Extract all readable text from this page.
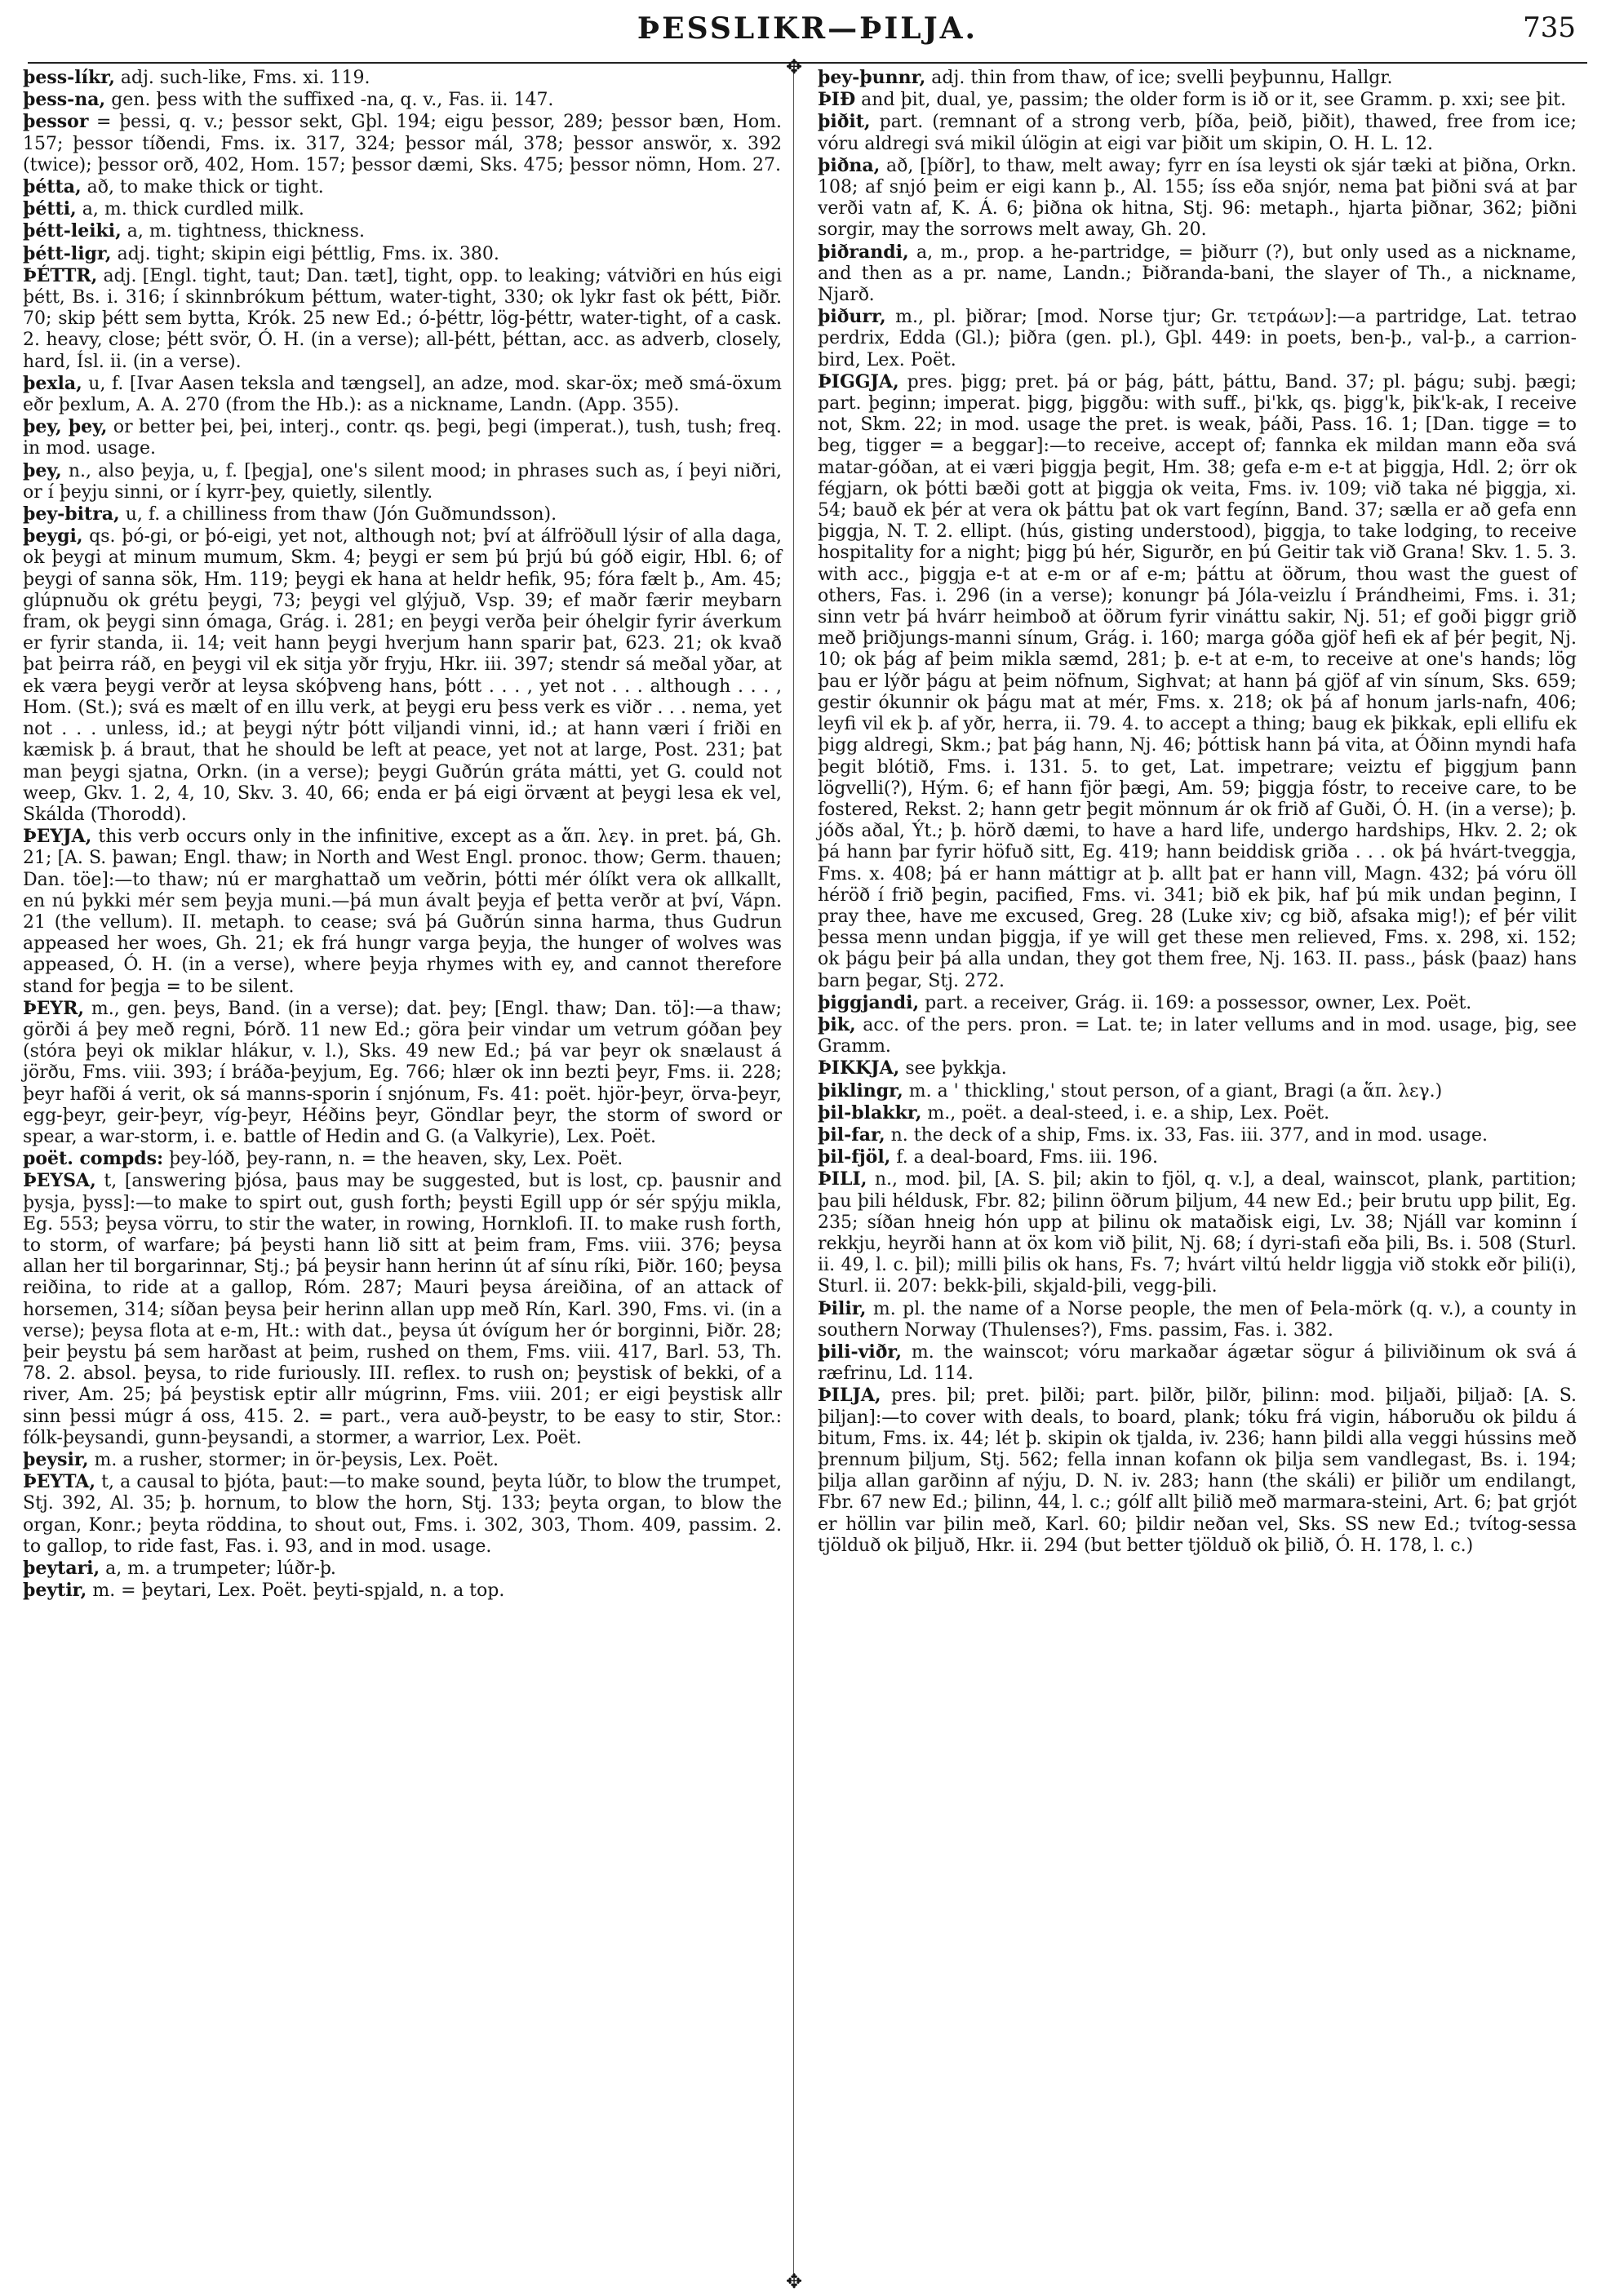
ÞESSLIKR—ÞILJA.	735
✥
✥
þess-líkr, adj. such-like, Fms. xi. 119.
þess-na, gen. þess with the suffixed -na, q. v., Fas. ii. 147.
þessor = þessi, q. v.; þessor sekt, Gþl. 194; eigu þessor, 289; þessor bæn, Hom. 157; þessor tíðendi, Fms. ix. 317, 324; þessor mál, 378; þessor answör, x. 392 (twice); þessor orð, 402, Hom. 157; þessor dæmi, Sks. 475; þessor nömn, Hom. 27.
þétta, að, to make thick or tight.
þétti, a, m. thick curdled milk.
þétt-leiki, a, m. tightness, thickness.
þétt-ligr, adj. tight; skipin eigi þéttlig, Fms. ix. 380.
ÞÉTTR, adj. [Engl. tight, taut; Dan. tæt], tight, opp. to leaking; vátviðri en hús eigi þétt, Bs. i. 316; í skinnbrókum þéttum, water-tight, 330; ok lykr fast ok þétt, Þiðr. 70; skip þétt sem bytta, Krók. 25 new Ed.; ó-þéttr, lög-þéttr, water-tight, of a cask. 2. heavy, close; þétt svör, Ó. H. (in a verse); all-þétt, þéttan, acc. as adverb, closely, hard, Ísl. ii. (in a verse).
þexla, u, f. [Ivar Aasen teksla and tængsel], an adze, mod. skar-öx; með smá-öxum eðr þexlum, A. A. 270 (from the Hb.): as a nickname, Landn. (App. 355).
þey, þey, or better þei, þei, interj., contr. qs. þegi, þegi (imperat.), tush, tush; freq. in mod. usage.
þey, n., also þeyja, u, f. [þegja], one's silent mood; in phrases such as, í þeyi niðri, or í þeyju sinni, or í kyrr-þey, quietly, silently.
þey-bitra, u, f. a chilliness from thaw (Jón Guðmundsson).
þeygi, qs. þó-gi, or þó-eigi, yet not, although not; því at álfröðull lýsir of alla daga, ok þeygi at minum mumum, Skm. 4; þeygi er sem þú þrjú bú góð eigir, Hbl. 6; of þeygi of sanna sök, Hm. 119; þeygi ek hana at heldr hefik, 95; fóra fælt þ., Am. 45; glúpnuðu ok grétu þeygi, 73; þeygi vel glýjuð, Vsp. 39; ef maðr færir meybarn fram, ok þeygi sinn ómaga, Grág. i. 281; en þeygi verða þeir óhelgir fyrir áverkum er fyrir standa, ii. 14; veit hann þeygi hverjum hann sparir þat, 623. 21; ok kvað þat þeirra ráð, en þeygi vil ek sitja yðr fryju, Hkr. iii. 397; stendr sá meðal yðar, at ek væra þeygi verðr at leysa skóþveng hans, þótt . . . , yet not . . . although . . . , Hom. (St.); svá es mælt of en illu verk, at þeygi eru þess verk es viðr . . . nema, yet not . . . unless, id.; at þeygi nýtr þótt viljandi vinni, id.; at hann væri í friði en kæmisk þ. á braut, that he should be left at peace, yet not at large, Post. 231; þat man þeygi sjatna, Orkn. (in a verse); þeygi Guðrún gráta mátti, yet G. could not weep, Gkv. 1. 2, 4, 10, Skv. 3. 40, 66; enda er þá eigi örvænt at þeygi lesa ek vel, Skálda (Thorodd).
ÞEYJA, this verb occurs only in the infinitive, except as a ἅπ. λεγ. in pret. þá, Gh. 21; [A. S. þawan; Engl. thaw; in North and West Engl. pronoc. thow; Germ. thauen; Dan. töe]:—to thaw; nú er marghattað um veðrin, þótti mér ólíkt vera ok allkallt, en nú þykki mér sem þeyja muni.—þá mun ávalt þeyja ef þetta verðr at því, Vápn. 21 (the vellum). II. metaph. to cease; svá þá Guðrún sinna harma, thus Gudrun appeased her woes, Gh. 21; ek frá hungr varga þeyja, the hunger of wolves was appeased, Ó. H. (in a verse), where þeyja rhymes with ey, and cannot therefore stand for þegja = to be silent.
ÞEYR, m., gen. þeys, Band. (in a verse); dat. þey; [Engl. thaw; Dan. tö]:—a thaw; görði á þey með regni, Þórð. 11 new Ed.; göra þeir vindar um vetrum góðan þey (stóra þeyi ok miklar hlákur, v. l.), Sks. 49 new Ed.; þá var þeyr ok snælaust á jörðu, Fms. viii. 393; í bráða-þeyjum, Eg. 766; hlær ok inn bezti þeyr, Fms. ii. 228; þeyr hafði á verit, ok sá manns-sporin í snjónum, Fs. 41: poët. hjör-þeyr, örva-þeyr, egg-þeyr, geir-þeyr, víg-þeyr, Héðins þeyr, Göndlar þeyr, the storm of sword or spear, a war-storm, i. e. battle of Hedin and G. (a Valkyrie), Lex. Poët.
poët. compds: þey-lóð, þey-rann, n. = the heaven, sky, Lex. Poët.
ÞEYSA, t, [answering þjósa, þaus may be suggested, but is lost, cp. þausnir and þysja, þyss]:—to make to spirt out, gush forth; þeysti Egill upp ór sér spýju mikla, Eg. 553; þeysa vörru, to stir the water, in rowing, Hornklofi. II. to make rush forth, to storm, of warfare; þá þeysti hann lið sitt at þeim fram, Fms. viii. 376; þeysa allan her til borgarinnar, Stj.; þá þeysir hann herinn út af sínu ríki, Þiðr. 160; þeysa reiðina, to ride at a gallop, Róm. 287; Mauri þeysa áreiðina, of an attack of horsemen, 314; síðan þeysa þeir herinn allan upp með Rín, Karl. 390, Fms. vi. (in a verse); þeysa flota at e-m, Ht.: with dat., þeysa út óvígum her ór borginni, Þiðr. 28; þeir þeystu þá sem harðast at þeim, rushed on them, Fms. viii. 417, Barl. 53, Th. 78. 2. absol. þeysa, to ride furiously. III. reflex. to rush on; þeystisk of bekki, of a river, Am. 25; þá þeystisk eptir allr múgrinn, Fms. viii. 201; er eigi þeystisk allr sinn þessi múgr á oss, 415. 2. = part., vera auð-þeystr, to be easy to stir, Stor.: fólk-þeysandi, gunn-þeysandi, a stormer, a warrior, Lex. Poët.
þeysir, m. a rusher, stormer; in ör-þeysis, Lex. Poët.
ÞEYTA, t, a causal to þjóta, þaut:—to make sound, þeyta lúðr, to blow the trumpet, Stj. 392, Al. 35; þ. hornum, to blow the horn, Stj. 133; þeyta organ, to blow the organ, Konr.; þeyta röddina, to shout out, Fms. i. 302, 303, Thom. 409, passim. 2. to gallop, to ride fast, Fas. i. 93, and in mod. usage.
þeytari, a, m. a trumpeter; lúðr-þ.
þeytir, m. = þeytari, Lex. Poët. þeyti-spjald, n. a top.
þey-þunnr, adj. thin from thaw, of ice; svelli þeyþunnu, Hallgr.
ÞIÐ and þit, dual, ye, passim; the older form is ið or it, see Gramm. p. xxi; see þit.
þiðit, part. (remnant of a strong verb, þíða, þeið, þiðit), thawed, free from ice; vóru aldregi svá mikil úlögin at eigi var þiðit um skipin, O. H. L. 12.
þiðna, að, [þíðr], to thaw, melt away; fyrr en ísa leysti ok sjár tæki at þiðna, Orkn. 108; af snjó þeim er eigi kann þ., Al. 155; íss eða snjór, nema þat þiðni svá at þar verði vatn af, K. Á. 6; þiðna ok hitna, Stj. 96: metaph., hjarta þiðnar, 362; þiðni sorgir, may the sorrows melt away, Gh. 20.
þiðrandi, a, m., prop. a he-partridge, = þiðurr (?), but only used as a nickname, and then as a pr. name, Landn.; Þiðranda-bani, the slayer of Th., a nickname, Njarð.
þiðurr, m., pl. þiðrar; [mod. Norse tjur; Gr. τετράων]:—a partridge, Lat. tetrao perdrix, Edda (Gl.); þiðra (gen. pl.), Gþl. 449: in poets, ben-þ., val-þ., a carrion-bird, Lex. Poët.
ÞIGGJA, pres. þigg; pret. þá or þág, þátt, þáttu, Band. 37; pl. þágu; subj. þægi; part. þeginn; imperat. þigg, þiggðu: with suff., þi'kk, qs. þigg'k, þik'k-ak, I receive not, Skm. 22; in mod. usage the pret. is weak, þáði, Pass. 16. 1; [Dan. tigge = to beg, tigger = a beggar]:—to receive, accept of; fannka ek mildan mann eða svá matar-góðan, at ei væri þiggja þegit, Hm. 38; gefa e-m e-t at þiggja, Hdl. 2; örr ok fégjarn, ok þótti bæði gott at þiggja ok veita, Fms. iv. 109; við taka né þiggja, xi. 54; bauð ek þér at vera ok þáttu þat ok vart fegínn, Band. 37; sælla er að gefa enn þiggja, N. T. 2. ellipt. (hús, gisting understood), þiggja, to take lodging, to receive hospitality for a night; þigg þú hér, Sigurðr, en þú Geitir tak við Grana! Skv. 1. 5. 3. with acc., þiggja e-t at e-m or af e-m; þáttu at öðrum, thou wast the guest of others, Fas. i. 296 (in a verse); konungr þá Jóla-veizlu í Þrándheimi, Fms. i. 31; sinn vetr þá hvárr heimboð at öðrum fyrir vináttu sakir, Nj. 51; ef goði þiggr grið með þriðjungs-manni sínum, Grág. i. 160; marga góða gjöf hefi ek af þér þegit, Nj. 10; ok þág af þeim mikla sæmd, 281; þ. e-t at e-m, to receive at one's hands; lög þau er lýðr þágu at þeim nöfnum, Sighvat; at hann þá gjöf af vin sínum, Sks. 659; gestir ókunnir ok þágu mat at mér, Fms. x. 218; ok þá af honum jarls-nafn, 406; leyfi vil ek þ. af yðr, herra, ii. 79. 4. to accept a thing; baug ek þikkak, epli ellifu ek þigg aldregi, Skm.; þat þág hann, Nj. 46; þóttisk hann þá vita, at Óðinn myndi hafa þegit blótið, Fms. i. 131. 5. to get, Lat. impetrare; veiztu ef þiggjum þann lögvelli(?), Hým. 6; ef hann fjör þægi, Am. 59; þiggja fóstr, to receive care, to be fostered, Rekst. 2; hann getr þegit mönnum ár ok frið af Guði, Ó. H. (in a verse); þ. jóðs aðal, Ýt.; þ. hörð dæmi, to have a hard life, undergo hardships, Hkv. 2. 2; ok þá hann þar fyrir höfuð sitt, Eg. 419; hann beiddisk griða . . . ok þá hvárt-tveggja, Fms. x. 408; þá er hann máttigr at þ. allt þat er hann vill, Magn. 432; þá vóru öll héröð í frið þegin, pacified, Fms. vi. 341; bið ek þik, haf þú mik undan þeginn, I pray thee, have me excused, Greg. 28 (Luke xiv; cg bið, afsaka mig!); ef þér vilit þessa menn undan þiggja, if ye will get these men relieved, Fms. x. 298, xi. 152; ok þágu þeir þá alla undan, they got them free, Nj. 163. II. pass., þásk (þaaz) hans barn þegar, Stj. 272.
þiggjandi, part. a receiver, Grág. ii. 169: a possessor, owner, Lex. Poët.
þik, acc. of the pers. pron. = Lat. te; in later vellums and in mod. usage, þig, see Gramm.
ÞIKKJA, see þykkja.
þiklingr, m. a ' thickling,' stout person, of a giant, Bragi (a ἅπ. λεγ.)
þil-blakkr, m., poët. a deal-steed, i. e. a ship, Lex. Poët.
þil-far, n. the deck of a ship, Fms. ix. 33, Fas. iii. 377, and in mod. usage.
þil-fjöl, f. a deal-board, Fms. iii. 196.
ÞILI, n., mod. þil, [A. S. þil; akin to fjöl, q. v.], a deal, wainscot, plank, partition; þau þili héldusk, Fbr. 82; þilinn öðrum þiljum, 44 new Ed.; þeir brutu upp þilit, Eg. 235; síðan hneig hón upp at þilinu ok mataðisk eigi, Lv. 38; Njáll var kominn í rekkju, heyrði hann at öx kom við þilit, Nj. 68; í dyri-stafi eða þili, Bs. i. 508 (Sturl. ii. 49, l. c. þil); milli þilis ok hans, Fs. 7; hvárt viltú heldr liggja við stokk eðr þili(i), Sturl. ii. 207: bekk-þili, skjald-þili, vegg-þili.
Þilir, m. pl. the name of a Norse people, the men of Þela-mörk (q. v.), a county in southern Norway (Thulenses?), Fms. passim, Fas. i. 382.
þili-viðr, m. the wainscot; vóru markaðar ágætar sögur á þiliviðinum ok svá á ræfrinu, Ld. 114.
ÞILJA, pres. þil; pret. þilði; part. þilðr, þilðr, þilinn: mod. þiljaði, þiljað: [A. S. þiljan]:—to cover with deals, to board, plank; tóku frá vigin, háboruðu ok þildu á bitum, Fms. ix. 44; lét þ. skipin ok tjalda, iv. 236; hann þildi alla veggi hússins með þrennum þiljum, Stj. 562; fella innan kofann ok þilja sem vandlegast, Bs. i. 194; þilja allan garðinn af nýju, D. N. iv. 283; hann (the skáli) er þiliðr um endilangt, Fbr. 67 new Ed.; þilinn, 44, l. c.; gólf allt þilið með marmara-steini, Art. 6; þat grjót er höllin var þilin með, Karl. 60; þildir neðan vel, Sks. SS new Ed.; tvítog-sessa tjölduð ok þiljuð, Hkr. ii. 294 (but better tjölduð ok þilið, Ó. H. 178, l. c.)
